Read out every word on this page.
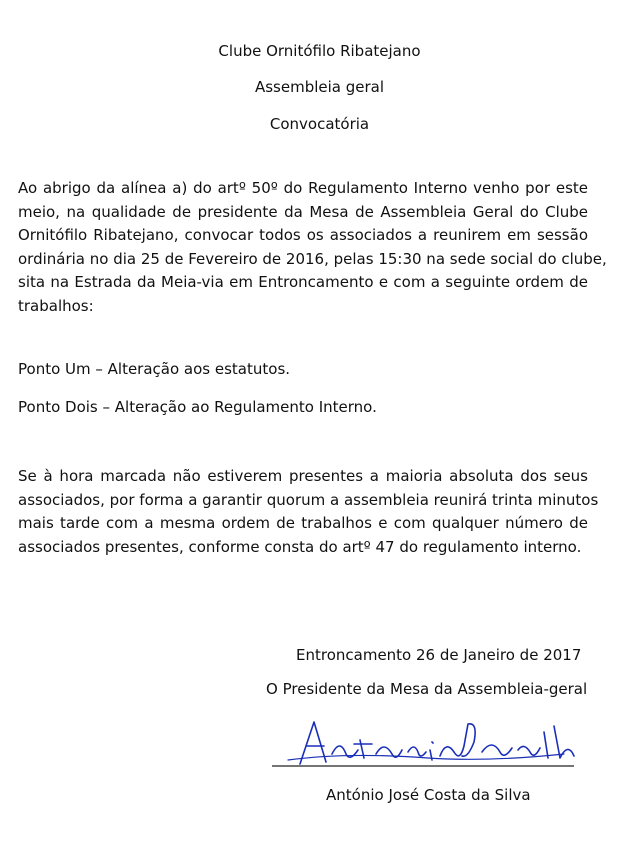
Clube Ornitófilo Ribatejano
Assembleia geral
Convocatória
Ao abrigo da alínea a) do artº 50º do Regulamento Interno venho por este
meio, na qualidade de presidente da Mesa de Assembleia Geral do Clube
Ornitófilo Ribatejano, convocar todos os associados a reunirem em sessão
ordinária no dia 25 de Fevereiro de 2016, pelas 15:30 na sede social do clube,
sita na Estrada da Meia-via em Entroncamento e com a seguinte ordem de
trabalhos:
Ponto Um – Alteração aos estatutos.
Ponto Dois – Alteração ao Regulamento Interno.
Se à hora marcada não estiverem presentes a maioria absoluta dos seus
associados, por forma a garantir quorum a assembleia reunirá trinta minutos
mais tarde com a mesma ordem de trabalhos e com qualquer número de
associados presentes, conforme consta do artº 47 do regulamento interno.
Entroncamento 26 de Janeiro de 2017
O Presidente da Mesa da Assembleia-geral
António José Costa da Silva
